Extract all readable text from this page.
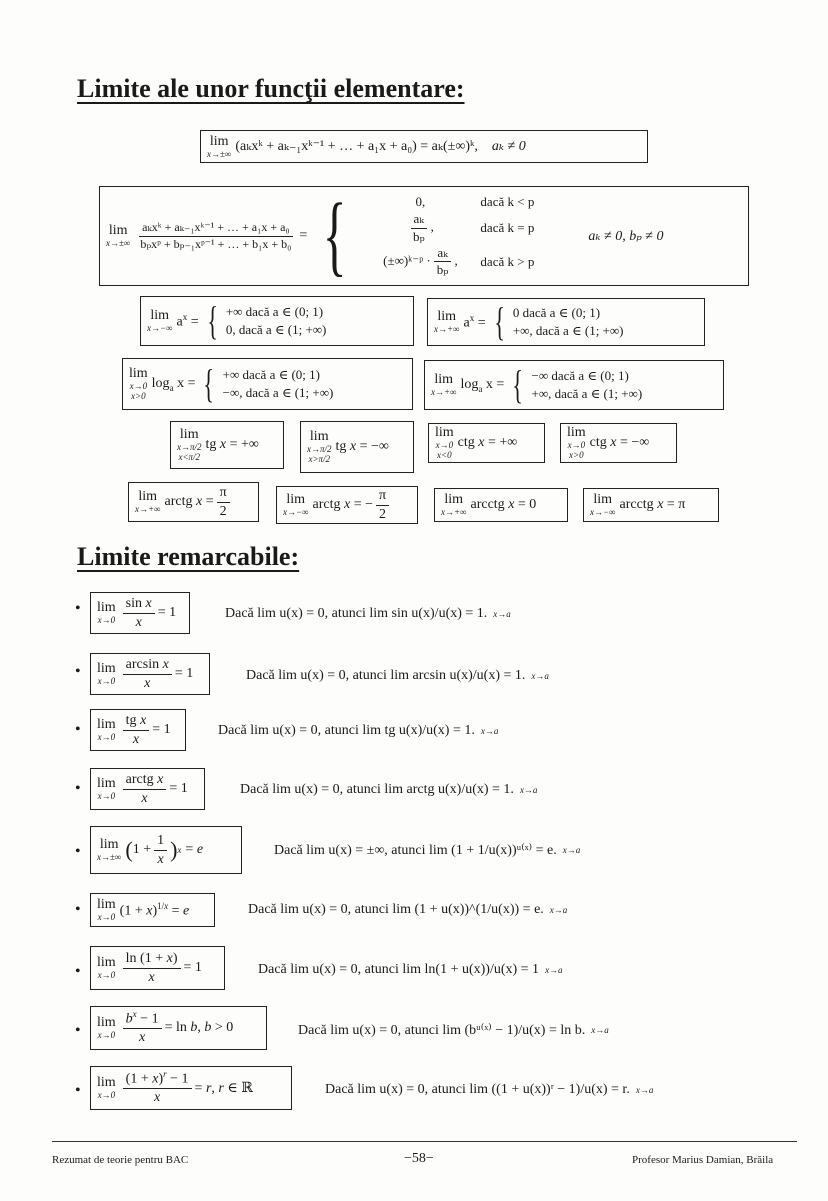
Limite ale unor funcţii elementare:
lim
x→±∞ (aₖxᵏ + aₖ₋₁xᵏ⁻¹ + … + a₁x + a₀) = aₖ(±∞)ᵏ, aₖ ≠ 0
lim
$x\to\pm\infty \frac{\text{aₖxᵏ + aₖ₋₁xᵏ⁻¹ + … + a₁x + a₀}}{\text{bₚxᵖ + bₚ₋₁xᵖ⁻¹ + … + b₁x + b₀}}$ = {	0,	dacă k < p
$\frac{\text{aₖ}}{\text{bₚ}}$ ,	dacă k = p
(±∞)ᵏ⁻ᵖ · $\frac{\text{aₖ}}{\text{bₚ}}$ ,	dacă k > p
aₖ ≠ 0, bₚ ≠ 0
lim
x→−∞ $a^x$ = { +∞ dacă a ∈ (0; 1)
0, dacă a ∈ (1; +∞)
lim
x→+∞ $a^x$ = { 0 dacă a ∈ (0; 1)
+∞, dacă a ∈ (1; +∞)
lim
x→0
x>0
$\log_a x$ = { +∞ dacă a ∈ (0; 1)
−∞, dacă a ∈ (1; +∞)
lim
x→+∞
$\log_a x$ = { −∞ dacă a ∈ (0; 1)
+∞, dacă a ∈ (1; +∞)
lim
x→π/2
x<π/2
tg x = +∞
lim
x→π/2
x>π/2
tg x = −∞
lim
x→0
x<0
ctg x = +∞
lim
x→0
x>0
ctg x = −∞
lim
x→+∞ arctg $x = \frac{\pi}{2}$	lim
x→−∞ arctg x = − $\frac{\pi}{2}$	lim
x→+∞ arcctg x = 0	lim
x→−∞ arcctg x = π
Limite remarcabile:
• lim
$x\to 0 \frac{\text{sin x}}{x} = 1$	Dacă lim u(x) = 0, atunci lim sin u(x)/u(x) = 1. x→a
• lim
$x\to 0 \frac{\text{arcsin x}}{x} = 1$	Dacă lim u(x) = 0, atunci lim arcsin u(x)/u(x) = 1. x→a
• lim
$x\to 0 \frac{\text{tg x}}{x} = 1$	Dacă lim u(x) = 0, atunci lim tg u(x)/u(x) = 1. x→a
• lim
$x\to 0 \frac{\text{arctg x}}{x} = 1$	Dacă lim u(x) = 0, atunci lim arctg u(x)/u(x) = 1. x→a
• lim
x→±∞ ( $1 + \frac{1}{x}$ ) x = e	Dacă lim u(x) = ±∞, atunci lim (1 + 1/u(x))ᵘ⁽ˣ⁾ = e. x→a
• lim
x→0 $(1 + x)^{1/x} = e$	Dacă lim u(x) = 0, atunci lim (1 + u(x))^(1/u(x)) = e. x→a
•
lim
$x\to 0 \frac{\ln (1 + x)}{x} = 1$	Dacă lim u(x) = 0, atunci lim ln(1 + u(x))/u(x) = 1 x→a
• lim
$x\to 0 \frac{b^x - 1}{x} = \ln b$, b > 0	Dacă lim u(x) = 0, atunci lim (bᵘ⁽ˣ⁾ − 1)/u(x) = ln b. x→a
• lim
$x\to 0 \frac{(1 + x)^r - 1}{x} = r$, r ∈ ℝ	Dacă lim u(x) = 0, atunci lim ((1 + u(x))ʳ − 1)/u(x) = r. x→a
Rezumat de teorie pentru BAC	−58−	Profesor Marius Damian, Brăila
